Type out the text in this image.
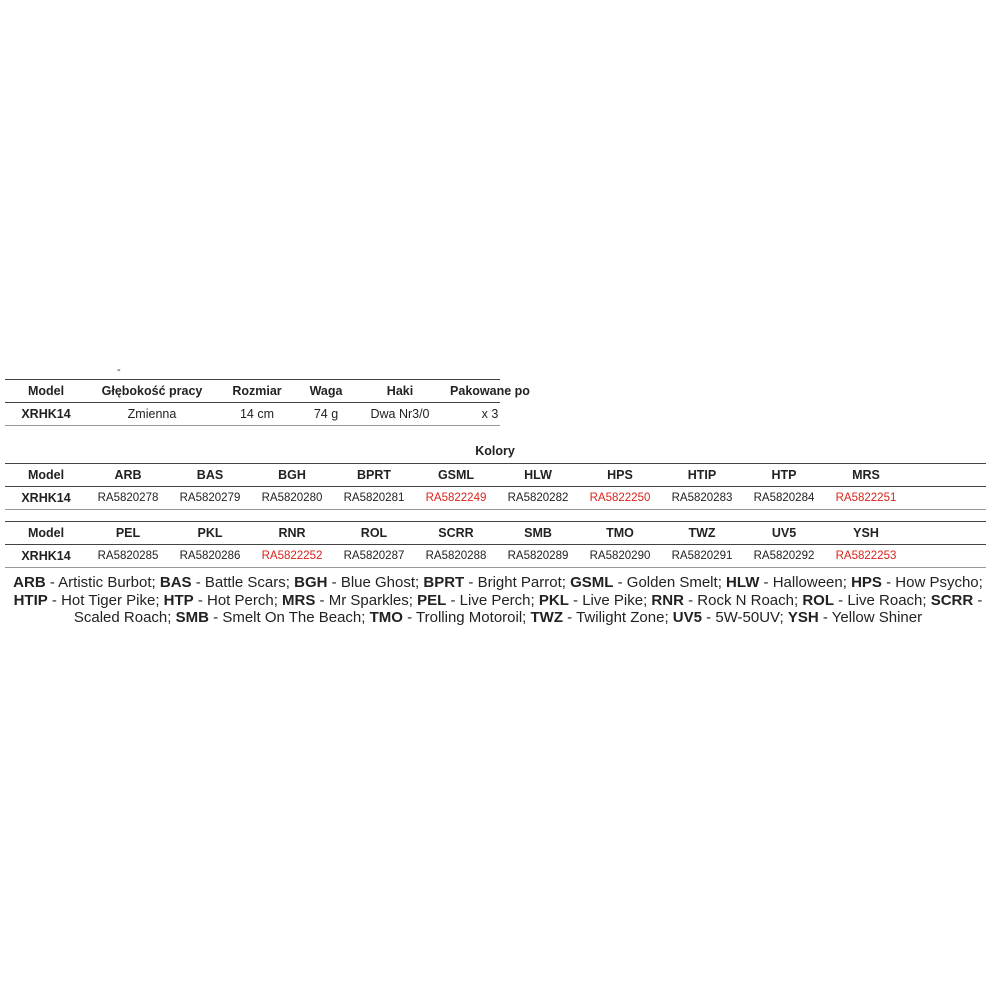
-
Model	Głębokość pracy	Rozmiar	Waga	Haki	Pakowane po
XRHK14	Zmienna	14 cm	74 g	Dwa Nr3/0	x 3
Kolory
Model	ARB	BAS	BGH	BPRT	GSML	HLW	HPS	HTIP	HTP	MRS
XRHK14	RA5820278	RA5820279	RA5820280	RA5820281	RA5822249	RA5820282	RA5822250	RA5820283	RA5820284	RA5822251
Model	PEL	PKL	RNR	ROL	SCRR	SMB	TMO	TWZ	UV5	YSH
XRHK14	RA5820285	RA5820286	RA5822252	RA5820287	RA5820288	RA5820289	RA5820290	RA5820291	RA5820292	RA5822253
ARB - Artistic Burbot; BAS - Battle Scars; BGH - Blue Ghost; BPRT - Bright Parrot; GSML - Golden Smelt; HLW - Halloween; HPS - How Psycho; HTIP - Hot Tiger Pike; HTP - Hot Perch; MRS - Mr Sparkles; PEL - Live Perch; PKL - Live Pike; RNR - Rock N Roach; ROL - Live Roach; SCRR - Scaled Roach; SMB - Smelt On The Beach; TMO - Trolling Motoroil; TWZ - Twilight Zone; UV5 - 5W-50UV; YSH - Yellow Shiner
